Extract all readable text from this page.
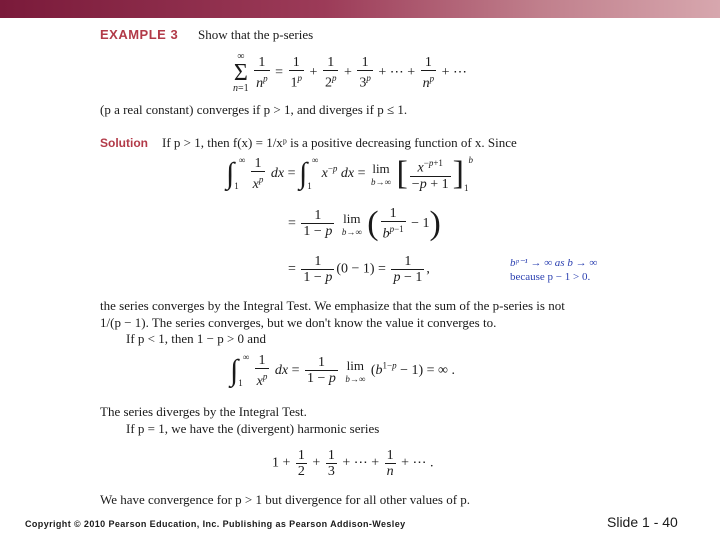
EXAMPLE 3 Show that the p-series
∞
Σ
n=1
$\frac{1}{n^p} = \frac{1}{1^p} + \frac{1}{2^p} + \frac{1}{3^p}$ + ⋯ + $\frac{1}{n^p}$ + ⋯
(p a real constant) converges if p > 1, and diverges if p ≤ 1.
Solution If p > 1, then f(x) = 1/xᵖ is a positive decreasing function of x. Since
$\int_1^\infty \frac{1}{x^p}$ dx = $\int_1^\infty$ $x^{-p}$ dx = lim
b→∞ [ $\frac{x^{-p+1}}{-p + 1} ]_1^b$
= $\frac{1}{1 - p}$
lim
b→∞ ( $\frac{1}{b^{p-1}} - 1$)
= $\frac{1}{1 - p} (0 - 1) = \frac{1}{p - 1}$ ,	bᵖ⁻¹ → ∞ as b → ∞
because p − 1 > 0.
the series converges by the Integral Test. We emphasize that the sum of the p-series is not
1/(p − 1). The series converges, but we don't know the value it converges to.
If p < 1, then 1 − p > 0 and
$\int_1^\infty \frac{1}{x^p}$ dx = $\frac{1}{1 - p}$
lim
b→∞
$(b^{1-p} - 1)$ = ∞ .
The series diverges by the Integral Test.
If p = 1, we have the (divergent) harmonic series
$1 + \frac{1}{2} + \frac{1}{3}$ + ⋯ + $\frac{1}{n}$ + ⋯ .
We have convergence for p > 1 but divergence for all other values of p.
Copyright © 2010 Pearson Education, Inc. Publishing as Pearson Addison-Wesley	Slide 1 - 40
